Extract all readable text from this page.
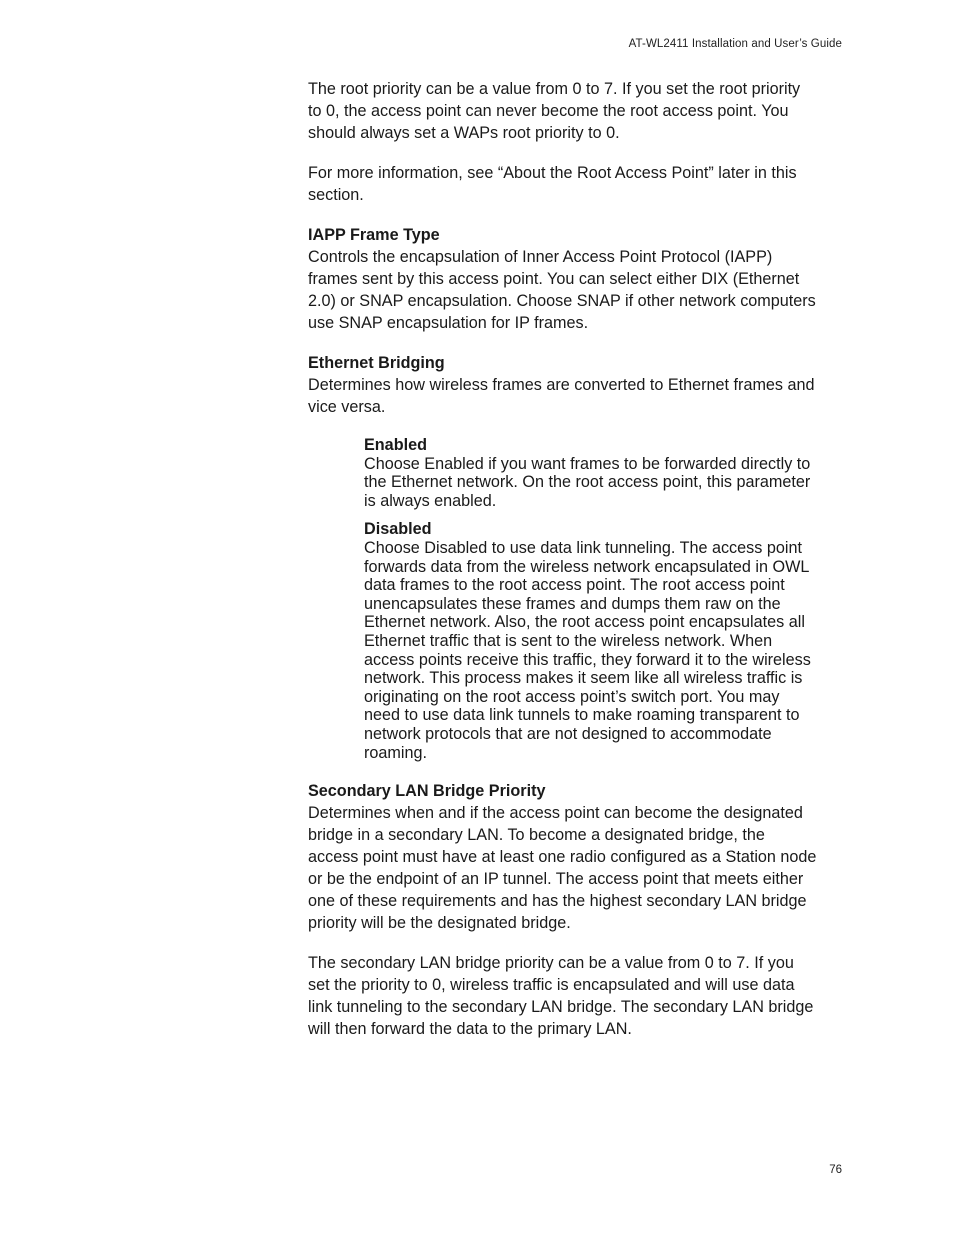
AT-WL2411 Installation and User’s Guide

The root priority can be a value from 0 to 7. If you set the root priority to 0, the access point can never become the root access point. You should always set a WAPs root priority to 0.

For more information, see “About the Root Access Point” later in this section.

IAPP Frame Type

Controls the encapsulation of Inner Access Point Protocol (IAPP) frames sent by this access point. You can select either DIX (Ethernet 2.0) or SNAP encapsulation. Choose SNAP if other network computers use SNAP encapsulation for IP frames.

Ethernet Bridging

Determines how wireless frames are converted to Ethernet frames and vice versa.

Enabled

Choose Enabled if you want frames to be forwarded directly to the Ethernet network. On the root access point, this parameter is always enabled.

Disabled

Choose Disabled to use data link tunneling. The access point forwards data from the wireless network encapsulated in OWL data frames to the root access point. The root access point unencapsulates these frames and dumps them raw on the Ethernet network. Also, the root access point encapsulates all Ethernet traffic that is sent to the wireless network. When access points receive this traffic, they forward it to the wireless network. This process makes it seem like all wireless traffic is originating on the root access point’s switch port. You may need to use data link tunnels to make roaming transparent to network protocols that are not designed to accommodate roaming.

Secondary LAN Bridge Priority

Determines when and if the access point can become the designated bridge in a secondary LAN. To become a designated bridge, the access point must have at least one radio configured as a Station node or be the endpoint of an IP tunnel. The access point that meets either one of these requirements and has the highest secondary LAN bridge priority will be the designated bridge.

The secondary LAN bridge priority can be a value from 0 to 7. If you set the priority to 0, wireless traffic is encapsulated and will use data link tunneling to the secondary LAN bridge. The secondary LAN bridge will then forward the data to the primary LAN.

76
